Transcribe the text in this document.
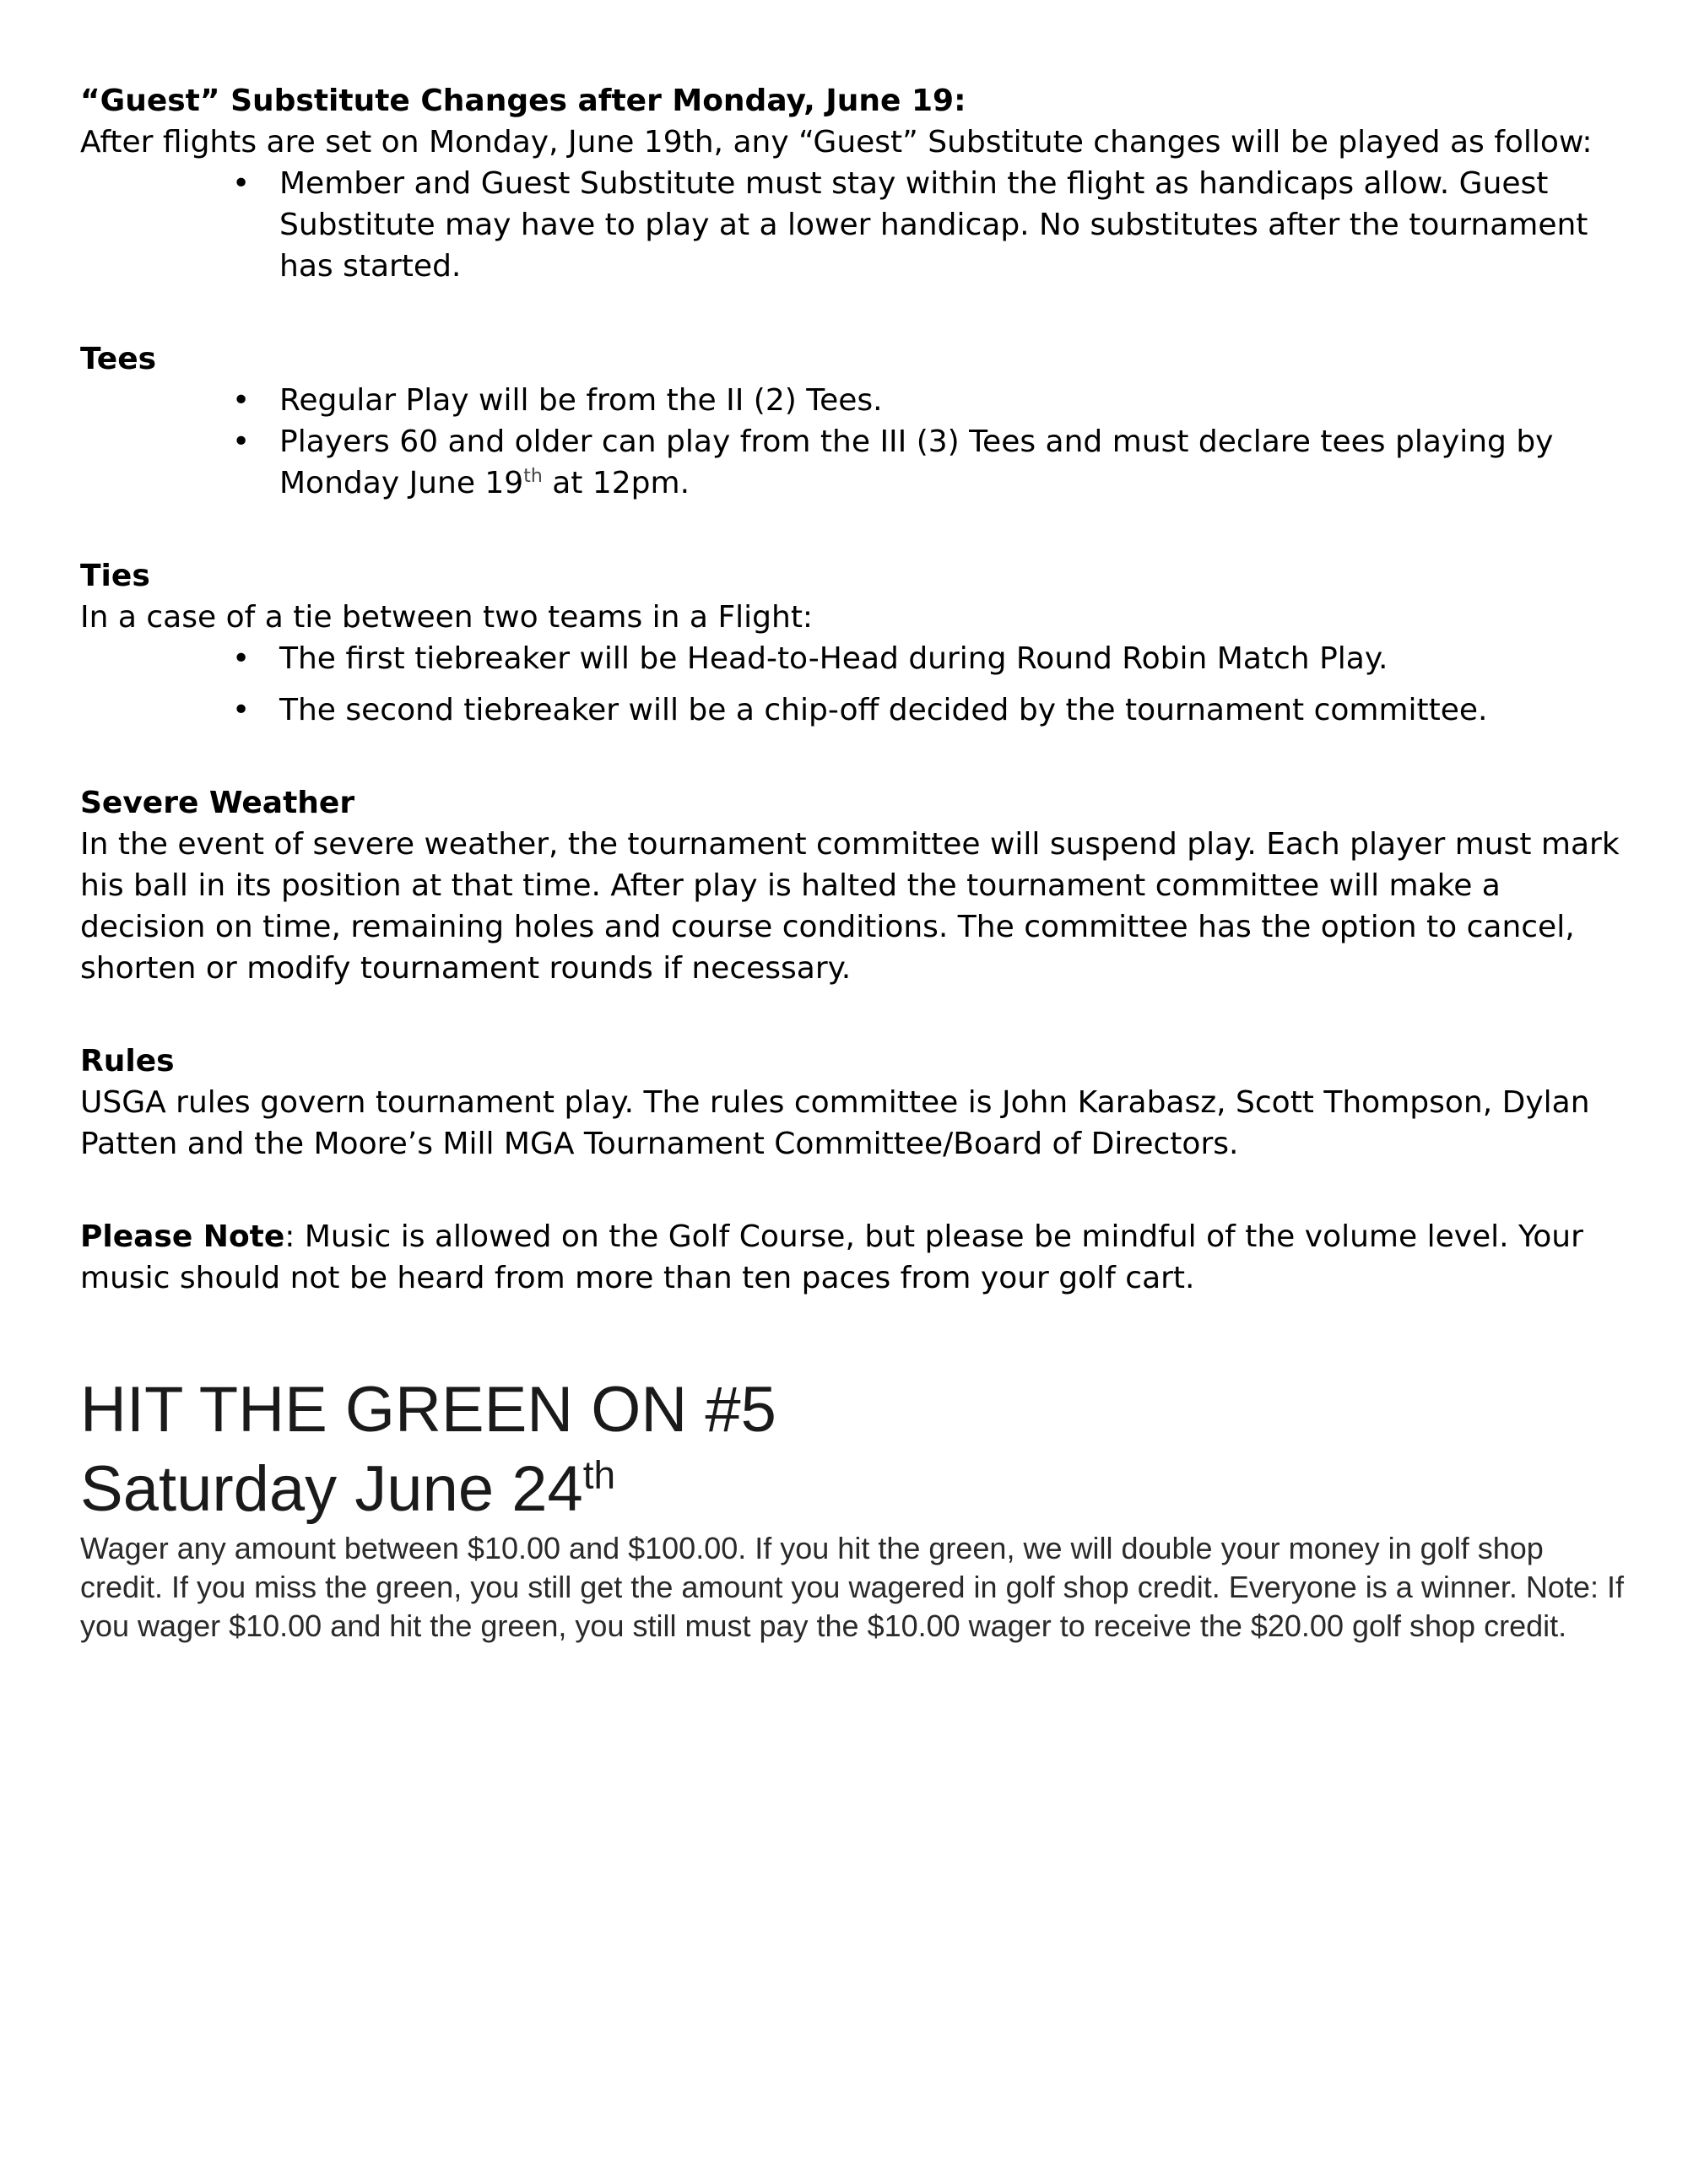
“Guest” Substitute Changes after Monday, June 19:

After flights are set on Monday, June 19th, any “Guest” Substitute changes will be played as follow:

• Member and Guest Substitute must stay within the flight as handicaps allow. Guest Substitute may have to play at a lower handicap. No substitutes after the tournament has started.

Tees

• Regular Play will be from the II (2) Tees.
• Players 60 and older can play from the III (3) Tees and must declare tees playing by Monday June 19th at 12pm.

Ties

In a case of a tie between two teams in a Flight:

• The first tiebreaker will be Head-to-Head during Round Robin Match Play.
• The second tiebreaker will be a chip-off decided by the tournament committee.

Severe Weather

In the event of severe weather, the tournament committee will suspend play. Each player must mark his ball in its position at that time. After play is halted the tournament committee will make a decision on time, remaining holes and course conditions. The committee has the option to cancel, shorten or modify tournament rounds if necessary.

Rules

USGA rules govern tournament play. The rules committee is John Karabasz, Scott Thompson, Dylan Patten and the Moore’s Mill MGA Tournament Committee/Board of Directors.

Please Note: Music is allowed on the Golf Course, but please be mindful of the volume level. Your music should not be heard from more than ten paces from your golf cart.

HIT THE GREEN ON #5

Saturday June 24th

Wager any amount between $10.00 and $100.00. If you hit the green, we will double your money in golf shop credit. If you miss the green, you still get the amount you wagered in golf shop credit. Everyone is a winner. Note: If you wager $10.00 and hit the green, you still must pay the $10.00 wager to receive the $20.00 golf shop credit.
